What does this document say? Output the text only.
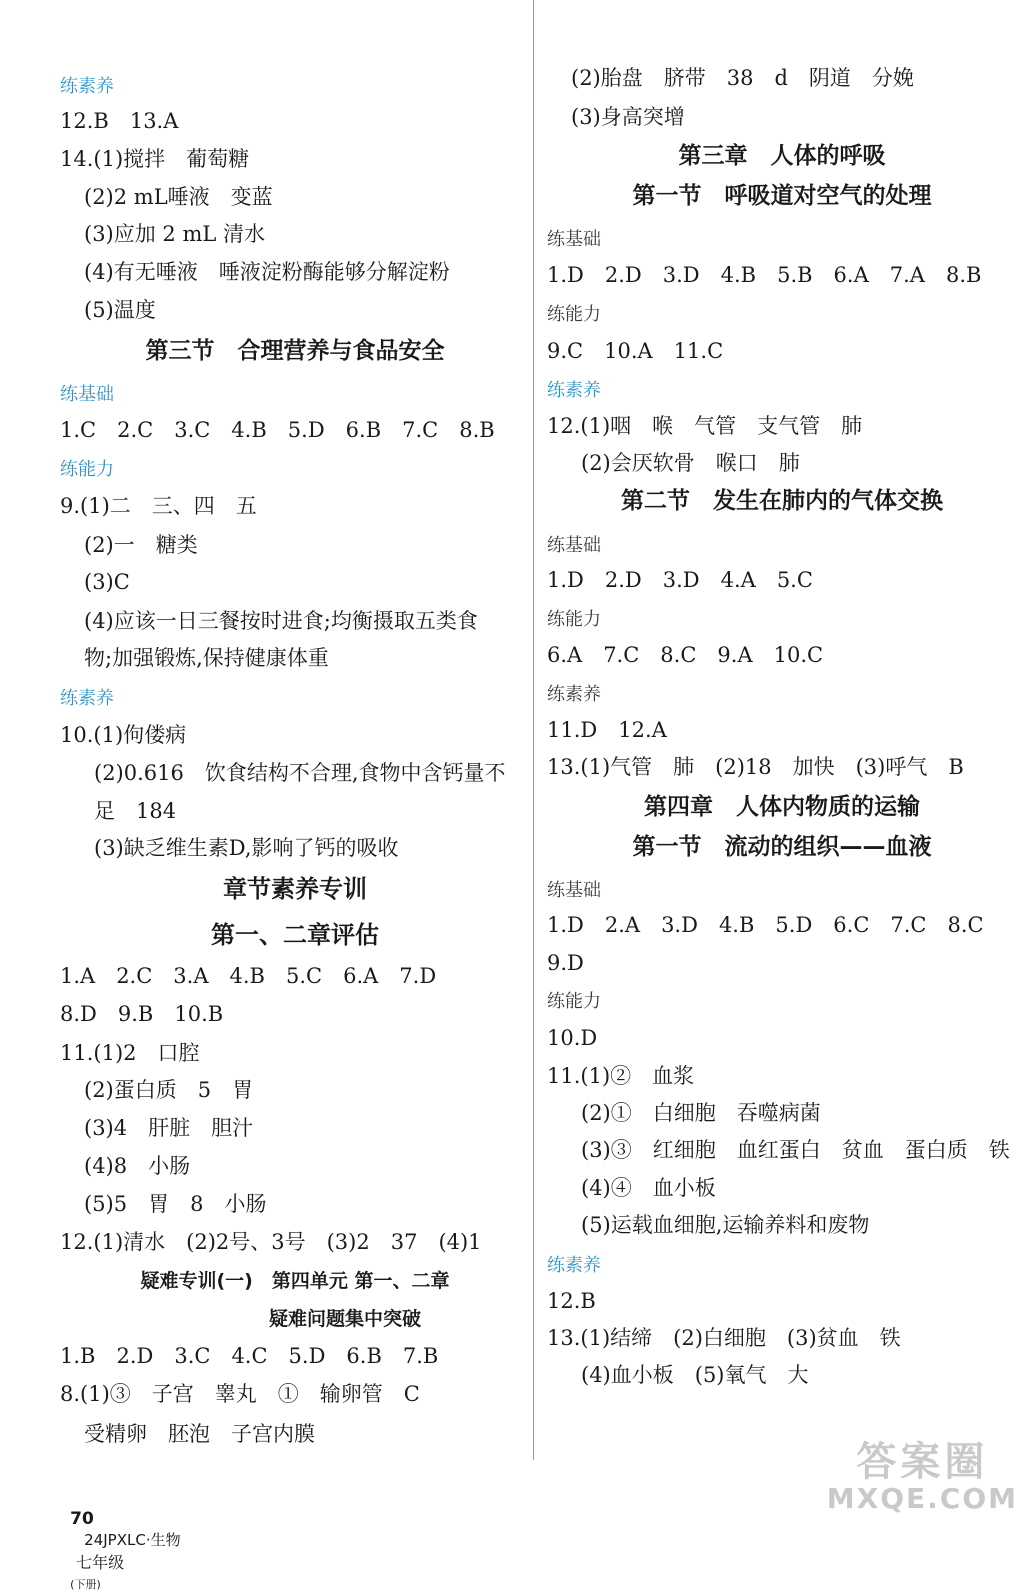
练素养
12.B　13.A
14.(1)搅拌　葡萄糖
(2)2 mL唾液　变蓝
(3)应加 2 mL 清水
(4)有无唾液　唾液淀粉酶能够分解淀粉
(5)温度
第三节　合理营养与食品安全
练基础
1.C　2.C　3.C　4.B　5.D　6.B　7.C　8.B
练能力
9.(1)二　三、四　五
(2)一　糖类
(3)C
(4)应该一日三餐按时进食;均衡摄取五类食
物;加强锻炼,保持健康体重
练素养
10.(1)佝偻病
(2)0.616　饮食结构不合理,食物中含钙量不
足　184
(3)缺乏维生素D,影响了钙的吸收
章节素养专训
第一、二章评估
1.A　2.C　3.A　4.B　5.C　6.A　7.D
8.D　9.B　10.B
11.(1)2　口腔
(2)蛋白质　5　胃
(3)4　肝脏　胆汁
(4)8　小肠
(5)5　胃　8　小肠
12.(1)清水　(2)2号、3号　(3)2　37　(4)1
疑难专训(一)　第四单元 第一、二章
疑难问题集中突破
1.B　2.D　3.C　4.C　5.D　6.B　7.B
8.(1)③　子宫　睾丸　①　输卵管　C
受精卵　胚泡　子宫内膜
(2)胎盘　脐带　38　d　阴道　分娩
(3)身高突增
第三章　人体的呼吸
第一节　呼吸道对空气的处理
练基础
1.D　2.D　3.D　4.B　5.B　6.A　7.A　8.B
练能力
9.C　10.A　11.C
练素养
12.(1)咽　喉　气管　支气管　肺
(2)会厌软骨　喉口　肺
第二节　发生在肺内的气体交换
练基础
1.D　2.D　3.D　4.A　5.C
练能力
6.A　7.C　8.C　9.A　10.C
练素养
11.D　12.A
13.(1)气管　肺　(2)18　加快　(3)呼气　B
第四章　人体内物质的运输
第一节　流动的组织——血液
练基础
1.D　2.A　3.D　4.B　5.D　6.C　7.C　8.C
9.D
练能力
10.D
11.(1)②　血浆
(2)①　白细胞　吞噬病菌
(3)③　红细胞　血红蛋白　贫血　蛋白质　铁
(4)④　血小板
(5)运载血细胞,运输养料和废物
练素养
12.B
13.(1)结缔　(2)白细胞　(3)贫血　铁
(4)血小板　(5)氧气　大

70
24JPXLC·生物
七年级
(下册)

答案圈
MXQE.COM
